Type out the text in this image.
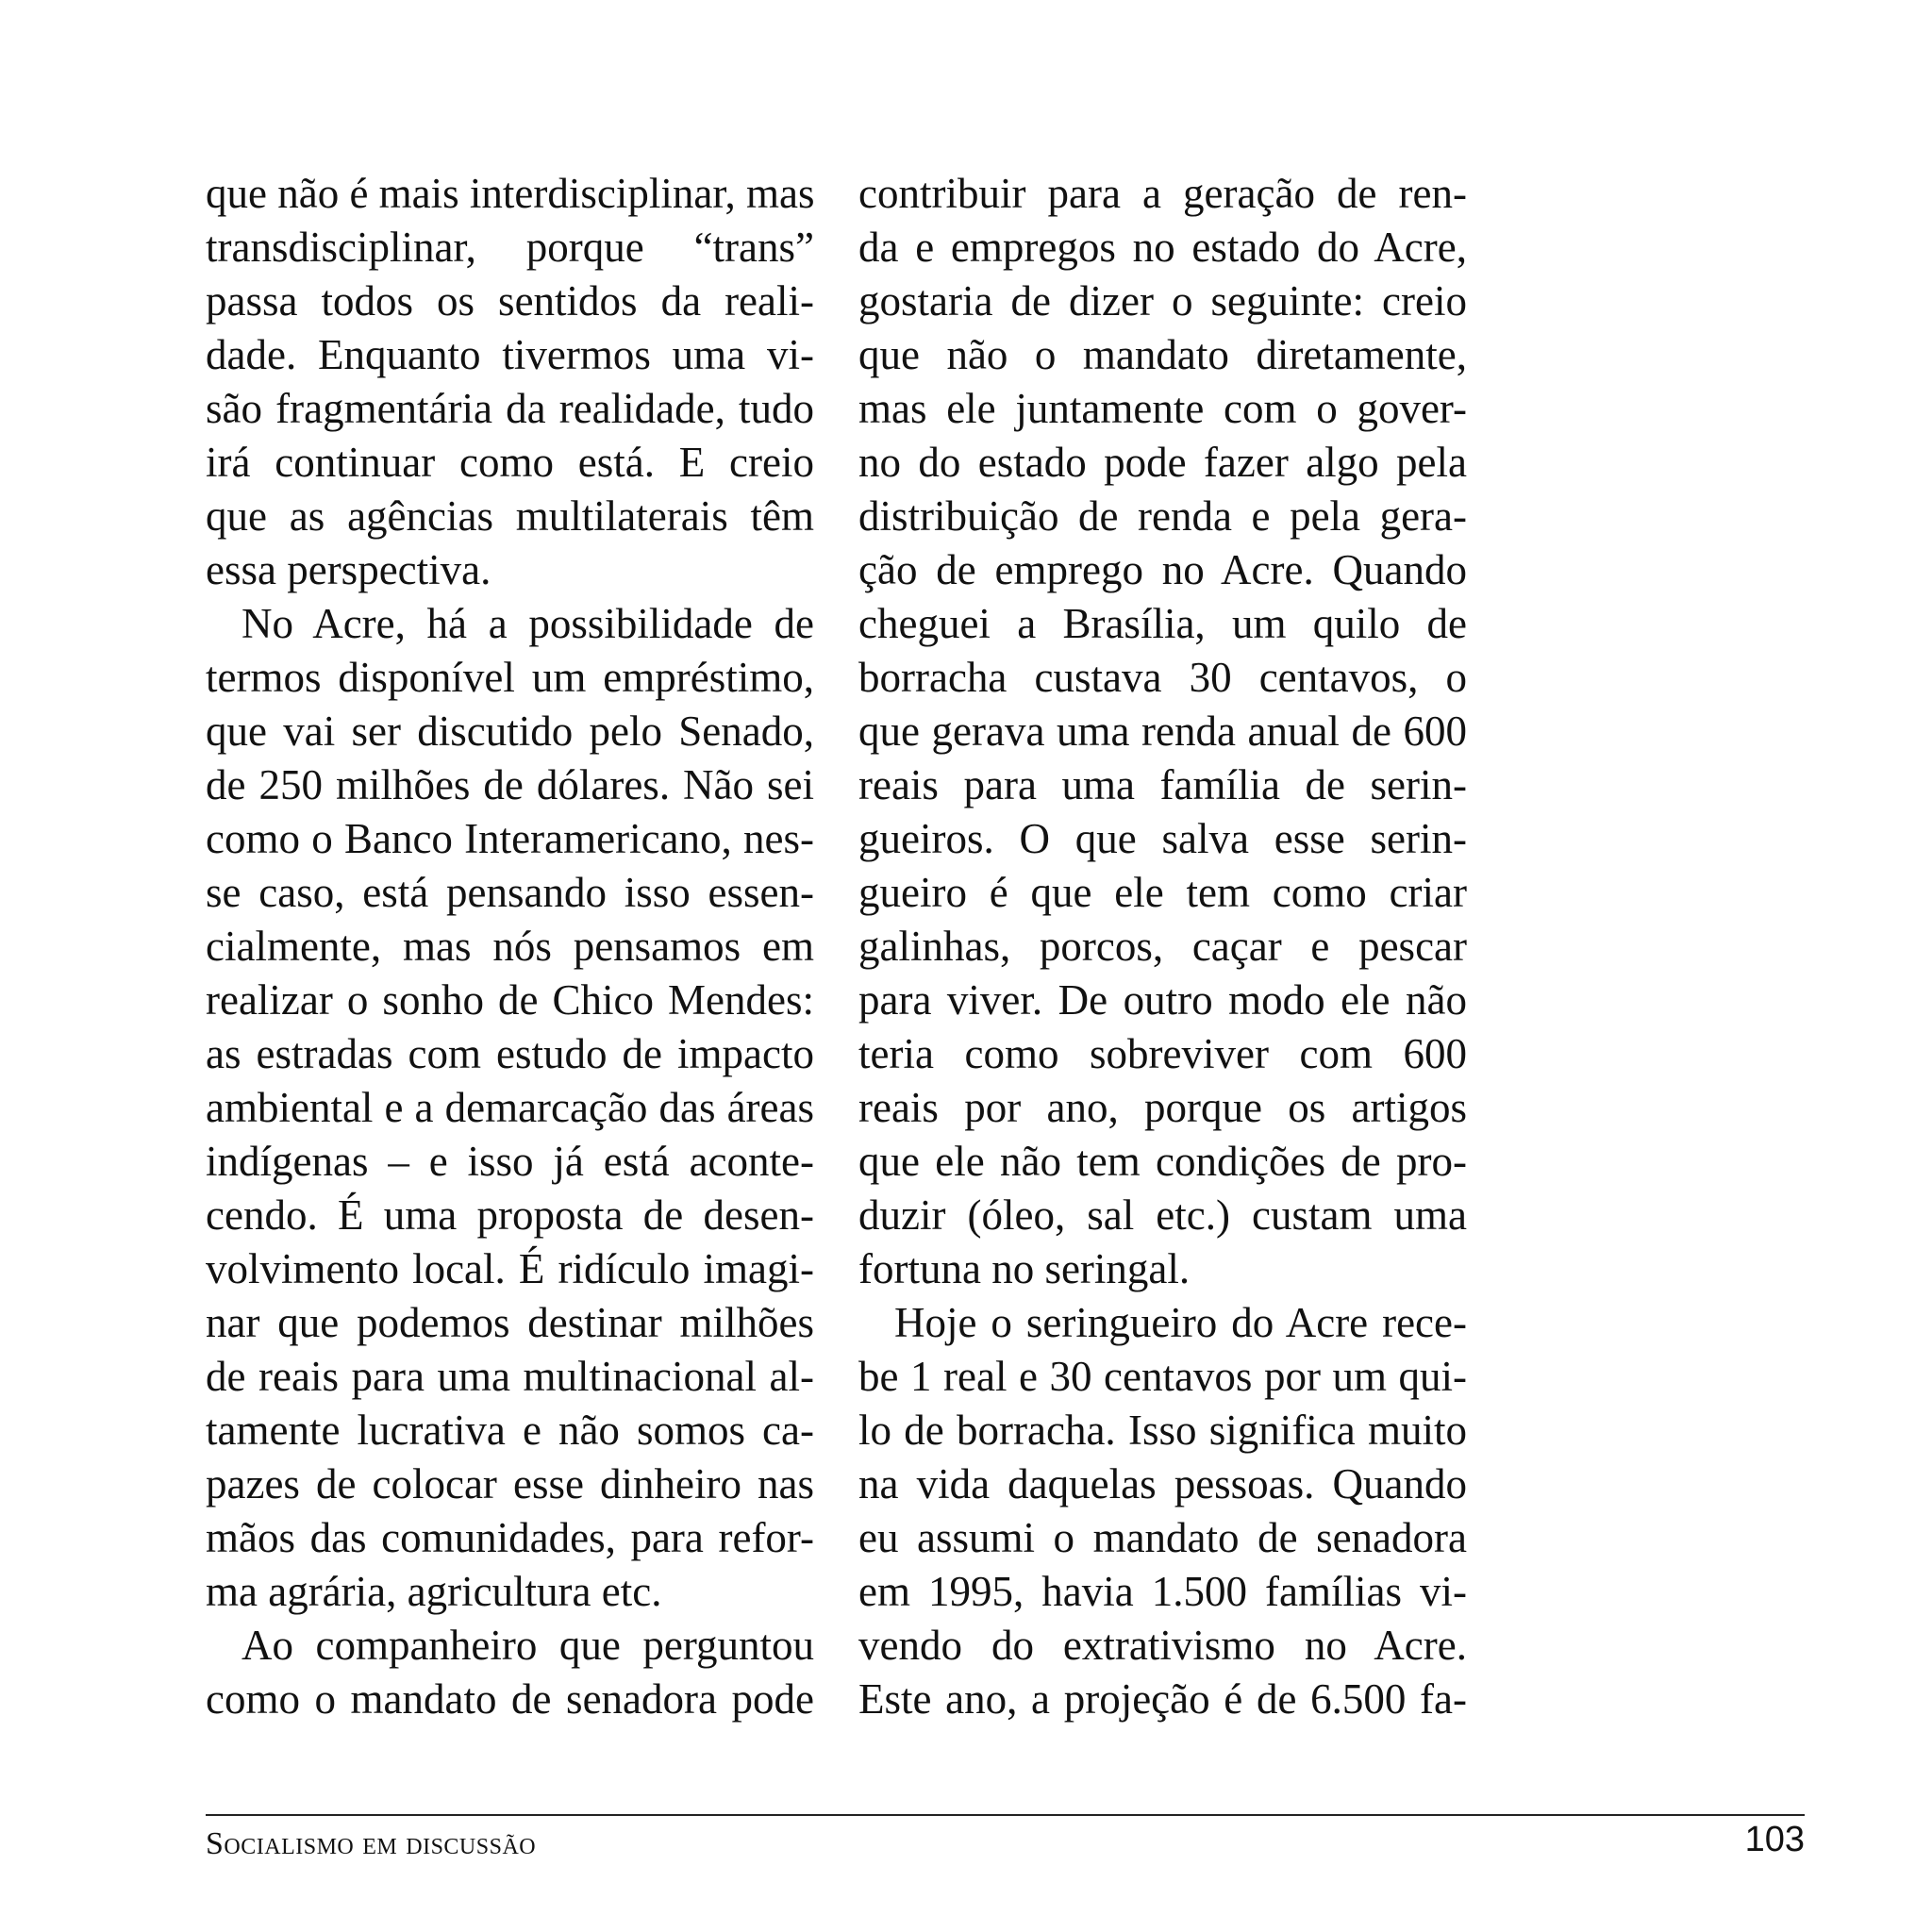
que não é mais interdisciplinar, mas
transdisciplinar, porque “trans”
passa todos os sentidos da reali-
dade. Enquanto tivermos uma vi-
são fragmentária da realidade, tudo
irá continuar como está. E creio
que as agências multilaterais têm
essa perspectiva.
No Acre, há a possibilidade de
termos disponível um empréstimo,
que vai ser discutido pelo Senado,
de 250 milhões de dólares. Não sei
como o Banco Interamericano, nes-
se caso, está pensando isso essen-
cialmente, mas nós pensamos em
realizar o sonho de Chico Mendes:
as estradas com estudo de impacto
ambiental e a demarcação das áreas
indígenas – e isso já está aconte-
cendo. É uma proposta de desen-
volvimento local. É ridículo imagi-
nar que podemos destinar milhões
de reais para uma multinacional al-
tamente lucrativa e não somos ca-
pazes de colocar esse dinheiro nas
mãos das comunidades, para refor-
ma agrária, agricultura etc.
Ao companheiro que perguntou
como o mandato de senadora pode
contribuir para a geração de ren-
da e empregos no estado do Acre,
gostaria de dizer o seguinte: creio
que não o mandato diretamente,
mas ele juntamente com o gover-
no do estado pode fazer algo pela
distribuição de renda e pela gera-
ção de emprego no Acre. Quando
cheguei a Brasília, um quilo de
borracha custava 30 centavos, o
que gerava uma renda anual de 600
reais para uma família de serin-
gueiros. O que salva esse serin-
gueiro é que ele tem como criar
galinhas, porcos, caçar e pescar
para viver. De outro modo ele não
teria como sobreviver com 600
reais por ano, porque os artigos
que ele não tem condições de pro-
duzir (óleo, sal etc.) custam uma
fortuna no seringal.
Hoje o seringueiro do Acre rece-
be 1 real e 30 centavos por um qui-
lo de borracha. Isso significa muito
na vida daquelas pessoas. Quando
eu assumi o mandato de senadora
em 1995, havia 1.500 famílias vi-
vendo do extrativismo no Acre.
Este ano, a projeção é de 6.500 fa-
Socialismo em discussão	103
